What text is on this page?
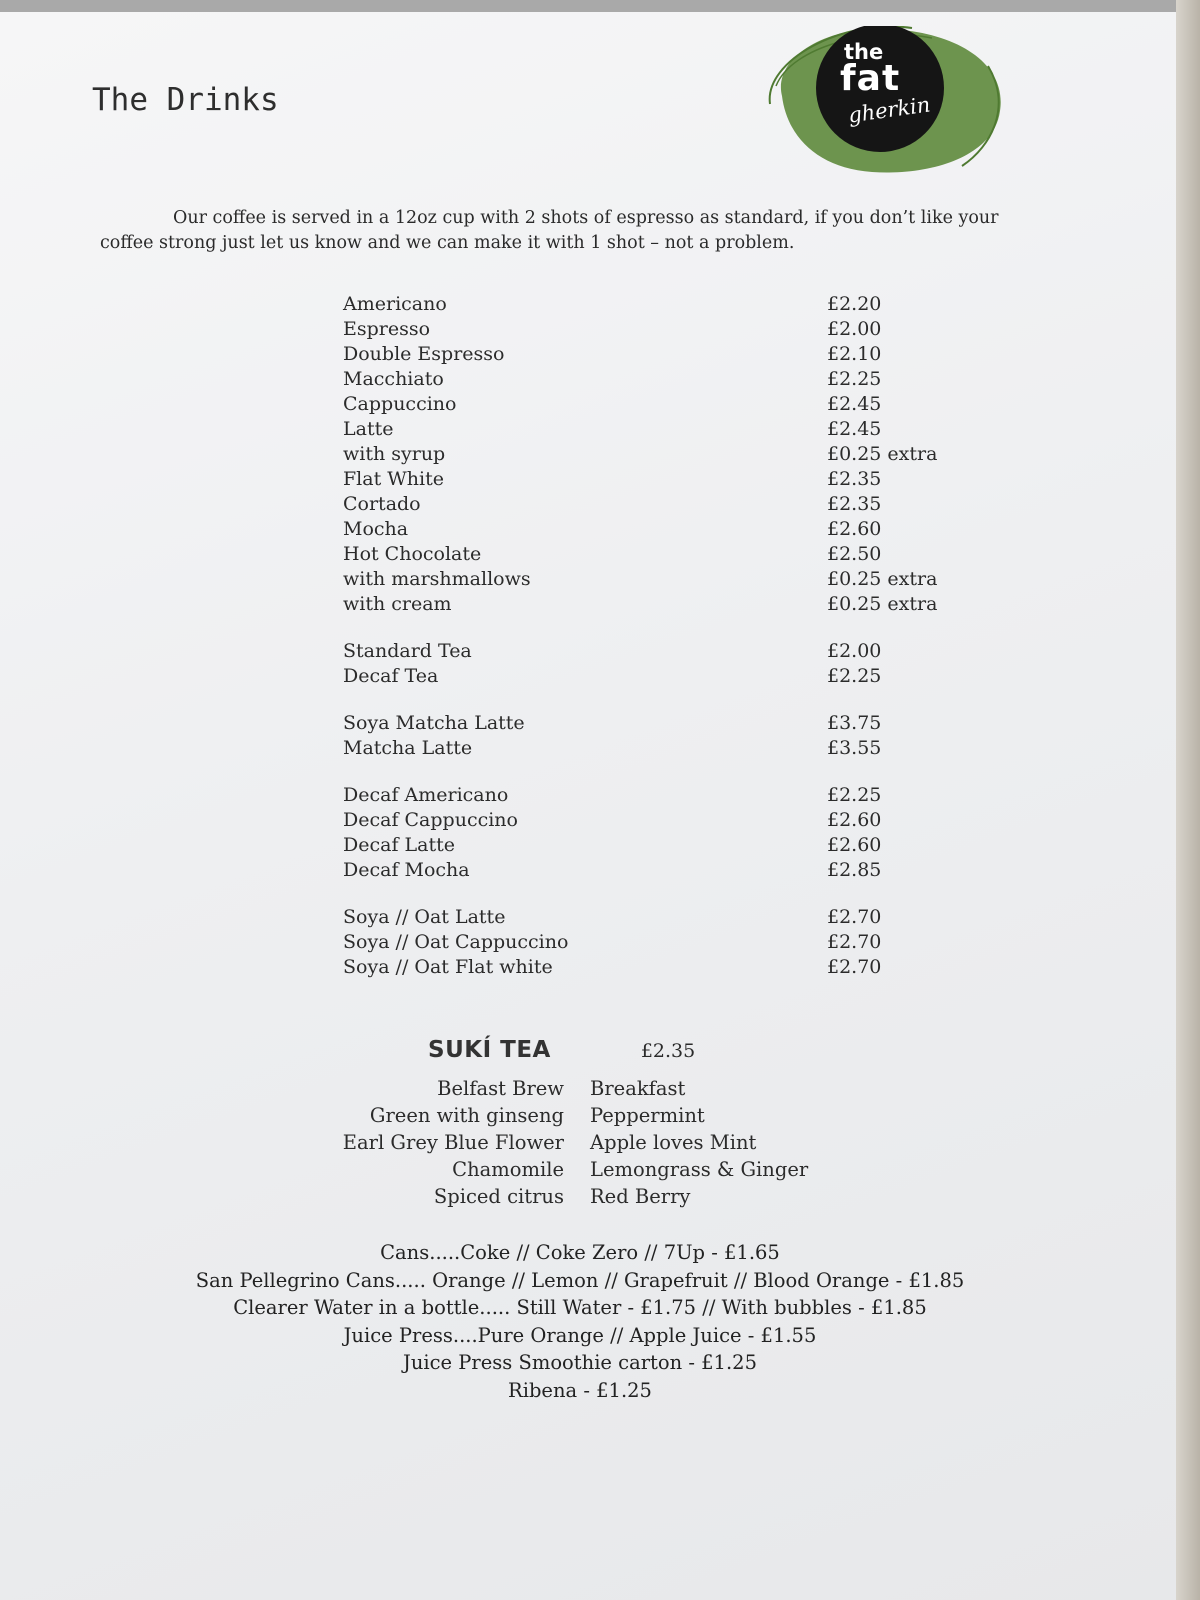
The Drinks
the
fat
gherkin

Our coffee is served in a 12oz cup with 2 shots of espresso as standard, if you don’t like your coffee strong just let us know and we can make it with 1 shot – not a problem.

Americano	£2.20
Espresso	£2.00
Double Espresso	£2.10
Macchiato	£2.25
Cappuccino	£2.45
Latte	£2.45
with syrup	£0.25 extra
Flat White	£2.35
Cortado	£2.35
Mocha	£2.60
Hot Chocolate	£2.50
with marshmallows	£0.25 extra
with cream	£0.25 extra
Standard Tea	£2.00
Decaf Tea	£2.25
Soya Matcha Latte	£3.75
Matcha Latte	£3.55
Decaf Americano	£2.25
Decaf Cappuccino	£2.60
Decaf Latte	£2.60
Decaf Mocha	£2.85
Soya // Oat Latte	£2.70
Soya // Oat Cappuccino	£2.70
Soya // Oat Flat white	£2.70
SUKÍ TEA	£2.35
Belfast Brew	Breakfast
Green with ginseng	Peppermint
Earl Grey Blue Flower	Apple loves Mint
Chamomile	Lemongrass & Ginger
Spiced citrus	Red Berry
Cans.....Coke // Coke Zero // 7Up - £1.65
San Pellegrino Cans..... Orange // Lemon // Grapefruit // Blood Orange - £1.85
Clearer Water in a bottle..... Still Water - £1.75 // With bubbles - £1.85
Juice Press....Pure Orange // Apple Juice - £1.55
Juice Press Smoothie carton - £1.25
Ribena - £1.25
